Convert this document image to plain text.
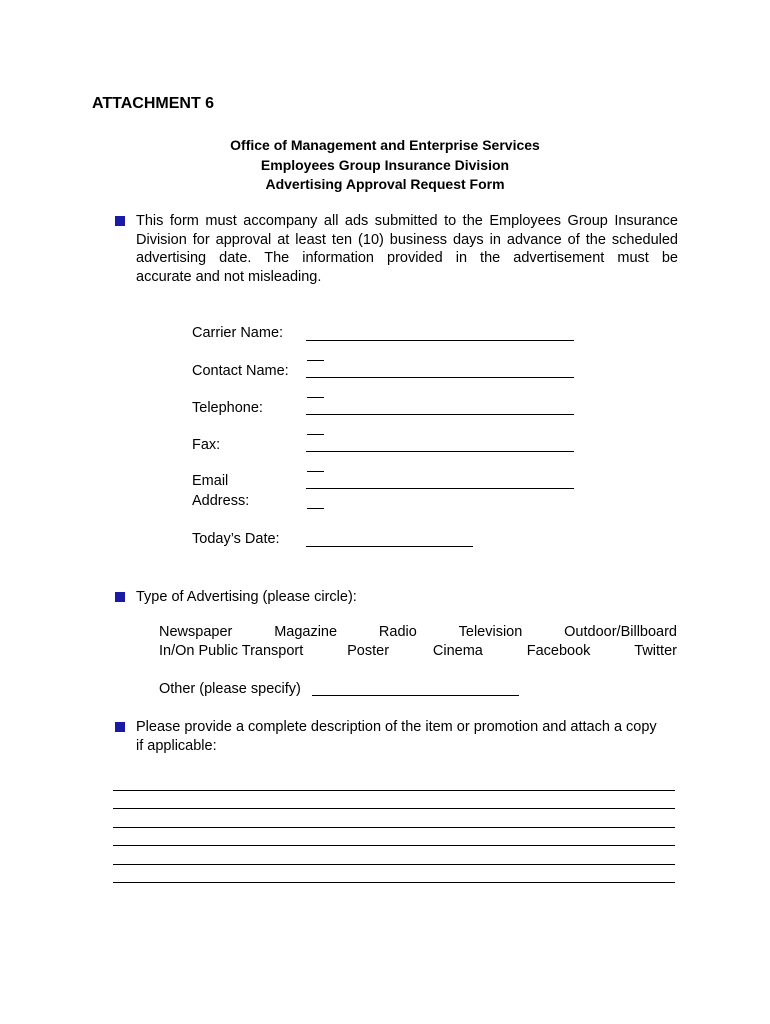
ATTACHMENT 6
Office of Management and Enterprise Services
Employees Group Insurance Division
Advertising Approval Request Form
This form must accompany all ads submitted to the Employees Group Insurance
Division for approval at least ten (10) business days in advance of the scheduled
advertising date. The information provided in the advertisement must be
accurate and not misleading.
Carrier Name:
Contact Name:
Telephone:
Fax:
Email
Address:
Today’s Date:
Type of Advertising (please circle):
Newspaper	Magazine	Radio	Television	Outdoor/Billboard
In/On Public Transport	Poster	Cinema	Facebook	Twitter
Other (please specify)
Please provide a complete description of the item or promotion and attach a copy
if applicable:
